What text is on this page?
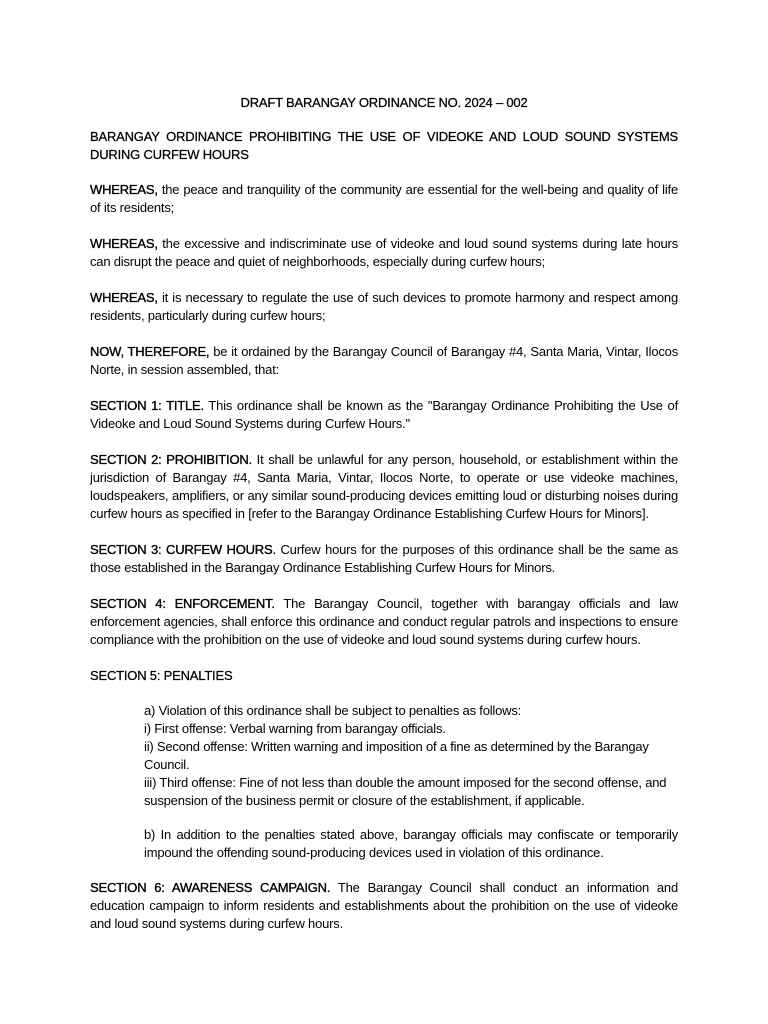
DRAFT BARANGAY ORDINANCE NO. 2024 – 002
BARANGAY ORDINANCE PROHIBITING THE USE OF VIDEOKE AND LOUD SOUND SYSTEMS DURING CURFEW HOURS

WHEREAS, the peace and tranquility of the community are essential for the well-being and quality of life of its residents;

WHEREAS, the excessive and indiscriminate use of videoke and loud sound systems during late hours can disrupt the peace and quiet of neighborhoods, especially during curfew hours;

WHEREAS, it is necessary to regulate the use of such devices to promote harmony and respect among residents, particularly during curfew hours;

NOW, THEREFORE, be it ordained by the Barangay Council of Barangay #4, Santa Maria, Vintar, Ilocos Norte, in session assembled, that:

SECTION 1: TITLE. This ordinance shall be known as the "Barangay Ordinance Prohibiting the Use of Videoke and Loud Sound Systems during Curfew Hours."

SECTION 2: PROHIBITION. It shall be unlawful for any person, household, or establishment within the jurisdiction of Barangay #4, Santa Maria, Vintar, Ilocos Norte, to operate or use videoke machines, loudspeakers, amplifiers, or any similar sound-producing devices emitting loud or disturbing noises during curfew hours as specified in [refer to the Barangay Ordinance Establishing Curfew Hours for Minors].

SECTION 3: CURFEW HOURS. Curfew hours for the purposes of this ordinance shall be the same as those established in the Barangay Ordinance Establishing Curfew Hours for Minors.

SECTION 4: ENFORCEMENT. The Barangay Council, together with barangay officials and law enforcement agencies, shall enforce this ordinance and conduct regular patrols and inspections to ensure compliance with the prohibition on the use of videoke and loud sound systems during curfew hours.

SECTION 5: PENALTIES
a) Violation of this ordinance shall be subject to penalties as follows:
i) First offense: Verbal warning from barangay officials.
ii) Second offense: Written warning and imposition of a fine as determined by the Barangay Council.
iii) Third offense: Fine of not less than double the amount imposed for the second offense, and suspension of the business permit or closure of the establishment, if applicable.

b) In addition to the penalties stated above, barangay officials may confiscate or temporarily impound the offending sound-producing devices used in violation of this ordinance.

SECTION 6: AWARENESS CAMPAIGN. The Barangay Council shall conduct an information and education campaign to inform residents and establishments about the prohibition on the use of videoke and loud sound systems during curfew hours.
